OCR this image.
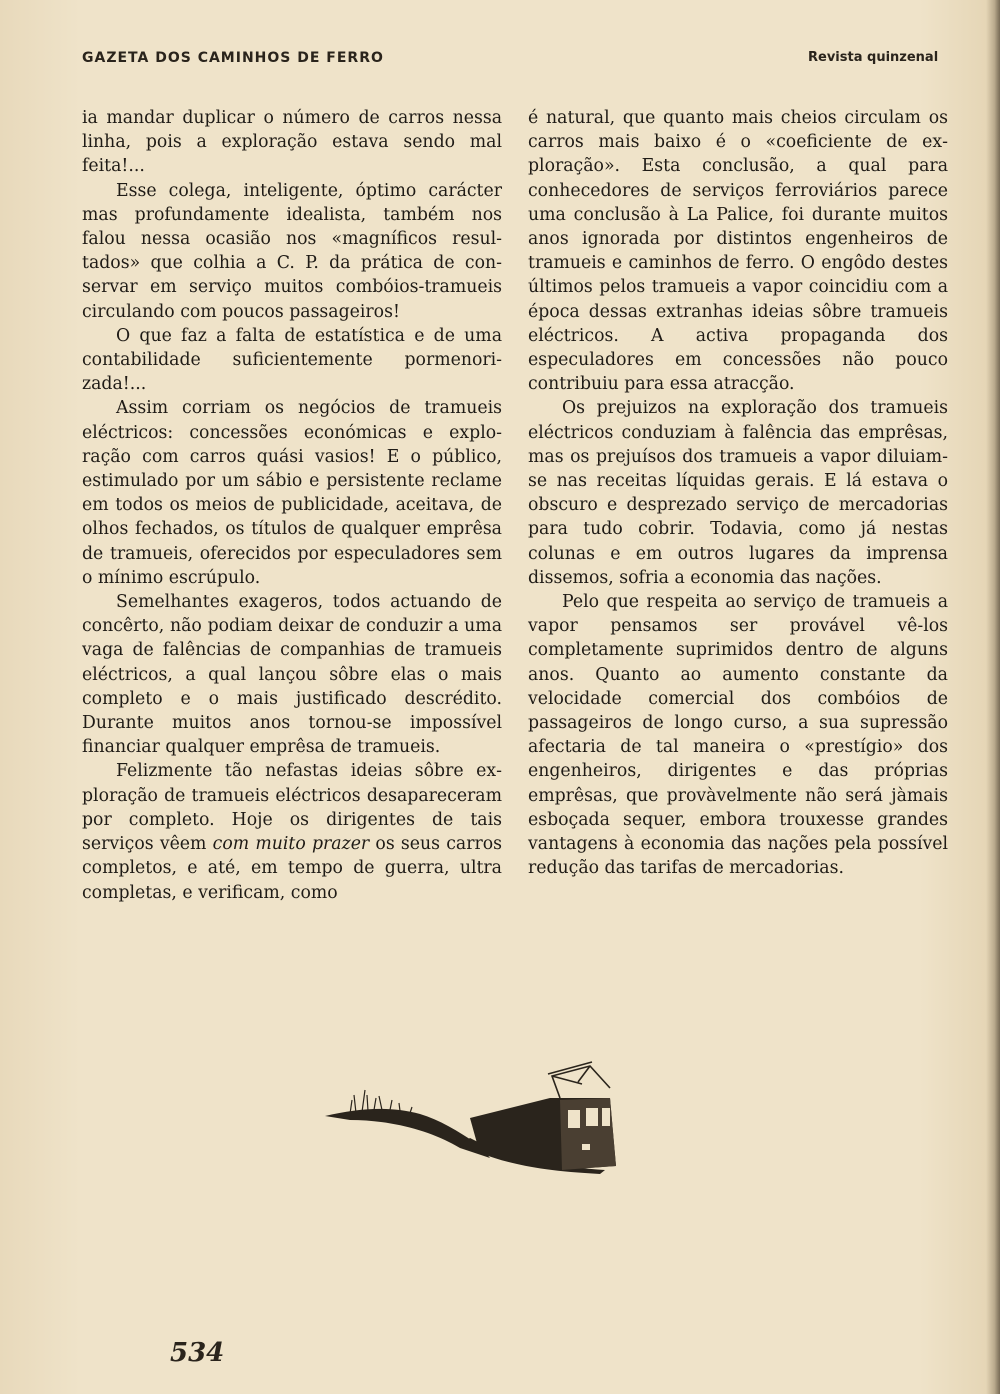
GAZETA DOS CAMINHOS DE FERRO	Revista quinzenal

ia mandar duplicar o número de carros nessa linha, pois a exploração estava sendo mal feita!...

Esse colega, inteligente, óptimo carácter mas profundamente idealista, também nos falou nessa ocasião nos «magníficos resultados» que colhia a C. P. da prática de conservar em serviço muitos combóios-tramueis circulando com poucos passageiros!

O que faz a falta de estatística e de uma contabilidade suficientemente pormenorizada!...

Assim corriam os negócios de tramueis eléctricos: concessões económicas e exploração com carros quási vasios! E o público, estimulado por um sábio e persistente reclame em todos os meios de publicidade, aceitava, de olhos fechados, os títulos de qualquer emprêsa de tramueis, oferecidos por especuladores sem o mínimo escrúpulo.

Semelhantes exageros, todos actuando de concêrto, não podiam deixar de conduzir a uma vaga de falências de companhias de tramueis eléctricos, a qual lançou sôbre elas o mais completo e o mais justificado descrédito. Durante muitos anos tornou-se impossível financiar qualquer emprêsa de tramueis.

Felizmente tão nefastas ideias sôbre exploração de tramueis eléctricos desapareceram por completo. Hoje os dirigentes de tais serviços vêem com muito prazer os seus carros completos, e até, em tempo de guerra, ultra completas, e verificam, como

é natural, que quanto mais cheios circulam os carros mais baixo é o «coeficiente de exploração». Esta conclusão, a qual para conhecedores de serviços ferroviários parece uma conclusão à La Palice, foi durante muitos anos ignorada por distintos engenheiros de tramueis e caminhos de ferro. O engôdo destes últimos pelos tramueis a vapor coincidiu com a época dessas extranhas ideias sôbre tramueis eléctricos. A activa propaganda dos especuladores em concessões não pouco contribuiu para essa atracção.

Os prejuizos na exploração dos tramueis eléctricos conduziam à falência das emprêsas, mas os prejuísos dos tramueis a vapor diluiam-se nas receitas líquidas gerais. E lá estava o obscuro e desprezado serviço de mercadorias para tudo cobrir. Todavia, como já nestas colunas e em outros lugares da imprensa dissemos, sofria a economia das nações.

Pelo que respeita ao serviço de tramueis a vapor pensamos ser provável vê-los completamente suprimidos dentro de alguns anos. Quanto ao aumento constante da velocidade comercial dos combóios de passageiros de longo curso, a sua supressão afectaria de tal maneira o «prestígio» dos engenheiros, dirigentes e das próprias emprêsas, que provàvelmente não será jàmais esboçada sequer, embora trouxesse grandes vantagens à economia das nações pela possível redução das tarifas de mercadorias.

534
